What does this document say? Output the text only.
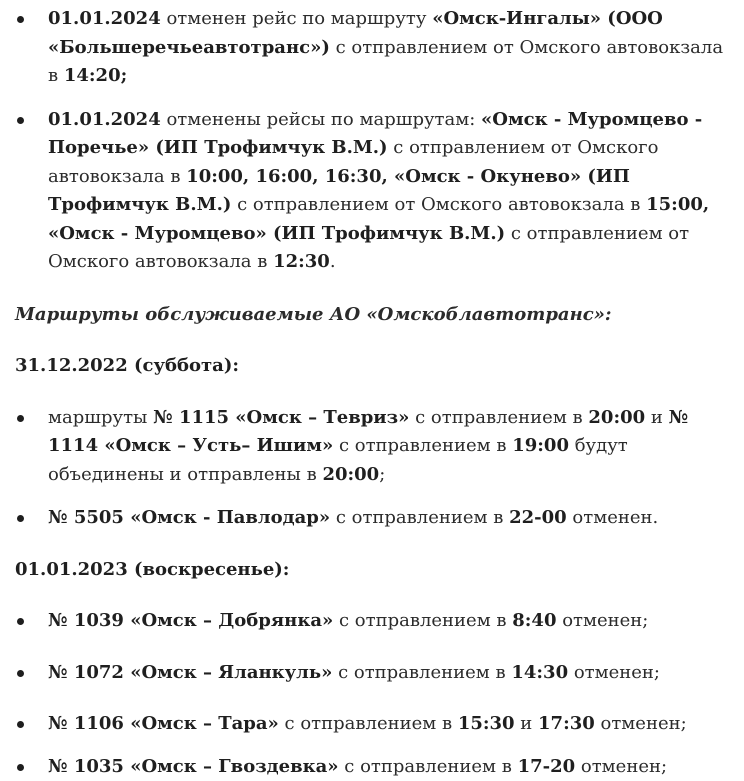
01.01.2024 отменен рейс по маршруту «Омск-Ингалы» (ООО «Большеречьеавтотранс») с отправлением от Омского автовокзала в 14:20;
01.01.2024 отменены рейсы по маршрутам: «Омск - Муромцево - Поречье» (ИП Трофимчук В.М.) с отправлением от Омского автовокзала в 10:00, 16:00, 16:30, «Омск - Окунево» (ИП Трофимчук В.М.) с отправлением от Омского автовокзала в 15:00, «Омск - Муромцево» (ИП Трофимчук В.М.) с отправлением от Омского автовокзала в 12:30.

Маршруты обслуживаемые АО «Омскоблавтотранс»:

31.12.2022 (суббота):

маршруты № 1115 «Омск – Тевриз» с отправлением в 20:00 и № 1114 «Омск – Усть– Ишим» с отправлением в 19:00 будут объединены и отправлены в 20:00;
№ 5505 «Омск - Павлодар» с отправлением в 22-00 отменен.

01.01.2023 (воскресенье):

№ 1039 «Омск – Добрянка» с отправлением в 8:40 отменен;
№ 1072 «Омск – Яланкуль» с отправлением в 14:30 отменен;
№ 1106 «Омск – Тара» с отправлением в 15:30 и 17:30 отменен;
№ 1035 «Омск – Гвоздевка» с отправлением в 17-20 отменен;
